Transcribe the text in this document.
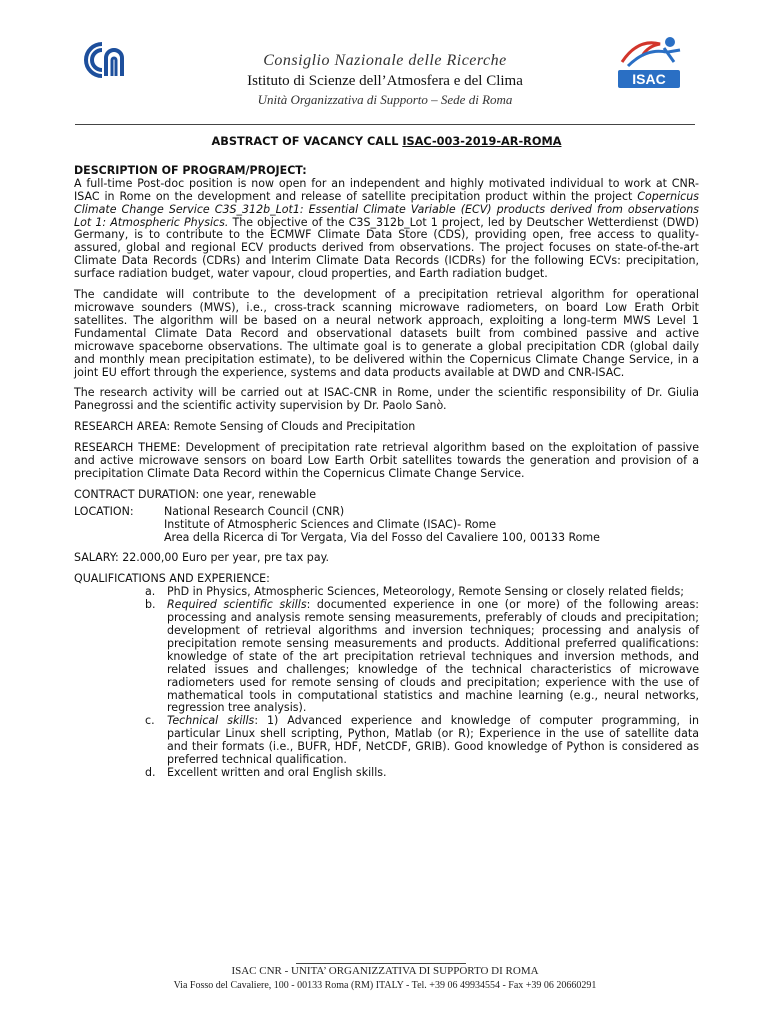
ISAC
Consiglio Nazionale delle Ricerche
Istituto di Scienze dell’Atmosfera e del Clima
Unità Organizzativa di Supporto – Sede di Roma
ABSTRACT OF VACANCY CALL ISAC-003-2019-AR-ROMA
DESCRIPTION OF PROGRAM/PROJECT:

A full-time Post-doc position is now open for an independent and highly motivated individual to work at CNR-ISAC in Rome on the development and release of satellite precipitation product within the project Copernicus Climate Change Service C3S_312b_Lot1: Essential Climate Variable (ECV) products derived from observations Lot 1: Atmospheric Physics. The objective of the C3S_312b_Lot 1 project, led by Deutscher Wetterdienst (DWD) Germany, is to contribute to the ECMWF Climate Data Store (CDS), providing open, free access to quality-assured, global and regional ECV products derived from observations. The project focuses on state-of-the-art Climate Data Records (CDRs) and Interim Climate Data Records (ICDRs) for the following ECVs: precipitation, surface radiation budget, water vapour, cloud properties, and Earth radiation budget.

The candidate will contribute to the development of a precipitation retrieval algorithm for operational microwave sounders (MWS), i.e., cross-track scanning microwave radiometers, on board Low Erath Orbit satellites. The algorithm will be based on a neural network approach, exploiting a long-term MWS Level 1 Fundamental Climate Data Record and observational datasets built from combined passive and active microwave spaceborne observations. The ultimate goal is to generate a global precipitation CDR (global daily and monthly mean precipitation estimate), to be delivered within the Copernicus Climate Change Service, in a joint EU effort through the experience, systems and data products available at DWD and CNR-ISAC.

The research activity will be carried out at ISAC-CNR in Rome, under the scientific responsibility of Dr. Giulia Panegrossi and the scientific activity supervision by Dr. Paolo Sanò.

RESEARCH AREA: Remote Sensing of Clouds and Precipitation

RESEARCH THEME: Development of precipitation rate retrieval algorithm based on the exploitation of passive and active microwave sensors on board Low Earth Orbit satellites towards the generation and provision of a precipitation Climate Data Record within the Copernicus Climate Change Service.

CONTRACT DURATION: one year, renewable

LOCATION:	National Research Council (CNR)
Institute of Atmospheric Sciences and Climate (ISAC)- Rome
Area della Ricerca di Tor Vergata, Via del Fosso del Cavaliere 100, 00133 Rome

SALARY: 22.000,00 Euro per year, pre tax pay.

QUALIFICATIONS AND EXPERIENCE:
a. PhD in Physics, Atmospheric Sciences, Meteorology, Remote Sensing or closely related fields;
b. Required scientific skills: documented experience in one (or more) of the following areas: processing and analysis remote sensing measurements, preferably of clouds and precipitation; development of retrieval algorithms and inversion techniques; processing and analysis of precipitation remote sensing measurements and products. Additional preferred qualifications: knowledge of state of the art precipitation retrieval techniques and inversion methods, and related issues and challenges; knowledge of the technical characteristics of microwave radiometers used for remote sensing of clouds and precipitation; experience with the use of mathematical tools in computational statistics and machine learning (e.g., neural networks, regression tree analysis).
c. Technical skills: 1) Advanced experience and knowledge of computer programming, in particular Linux shell scripting, Python, Matlab (or R); Experience in the use of satellite data and their formats (i.e., BUFR, HDF, NetCDF, GRIB). Good knowledge of Python is considered as preferred technical qualification.
d. Excellent written and oral English skills.
ISAC CNR - UNITA’ ORGANIZZATIVA DI SUPPORTO DI ROMA
Via Fosso del Cavaliere, 100 - 00133 Roma (RM) ITALY - Tel. +39 06 49934554 - Fax +39 06 20660291
